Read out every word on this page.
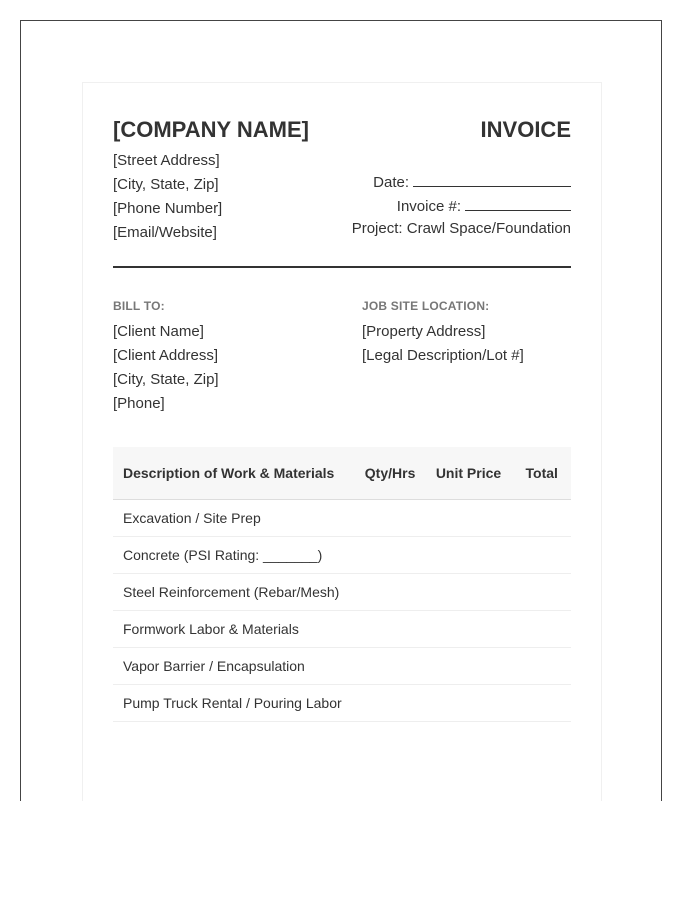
[COMPANY NAME]	INVOICE
[Street Address]
[City, State, Zip]
[Phone Number]
[Email/Website]
Date:
Invoice #:
Project: Crawl Space/Foundation
BILL TO:
[Client Name]
[Client Address]
[City, State, Zip]
[Phone]
JOB SITE LOCATION:
[Property Address]
[Legal Description/Lot #]
Description of Work & Materials	Qty/Hrs	Unit Price	Total
Excavation / Site Prep			
Concrete (PSI Rating: _______)			
Steel Reinforcement (Rebar/Mesh)			
Formwork Labor & Materials			
Vapor Barrier / Encapsulation			
Pump Truck Rental / Pouring Labor			
